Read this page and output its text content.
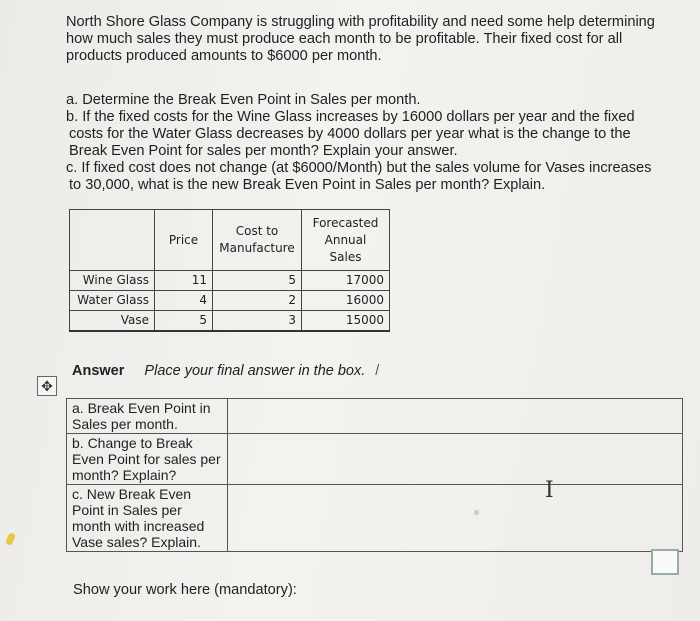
North Shore Glass Company is struggling with profitability and need some help determining how much sales they must produce each month to be profitable. Their fixed cost for all products produced amounts to $6000 per month.

a. Determine the Break Even Point in Sales per month.
b. If the fixed costs for the Wine Glass increases by 16000 dollars per year and the fixed
costs for the Water Glass decreases by 4000 dollars per year what is the change to the
Break Even Point for sales per month? Explain your answer.
c. If fixed cost does not change (at $6000/Month) but the sales volume for Vases increases
to 30,000, what is the new Break Even Point in Sales per month? Explain.
	Price	Cost to Manufacture	Forecasted Annual Sales
Wine Glass	11	5	17000
Water Glass	4	2	16000
Vase	5	3	15000
Answer Place your final answer in the box. /
✥
a. Break Even Point in Sales per month.	
b. Change to Break Even Point for sales per month? Explain?	
c. New Break Even Point in Sales per month with increased Vase sales? Explain.	
I
Show your work here (mandatory):
